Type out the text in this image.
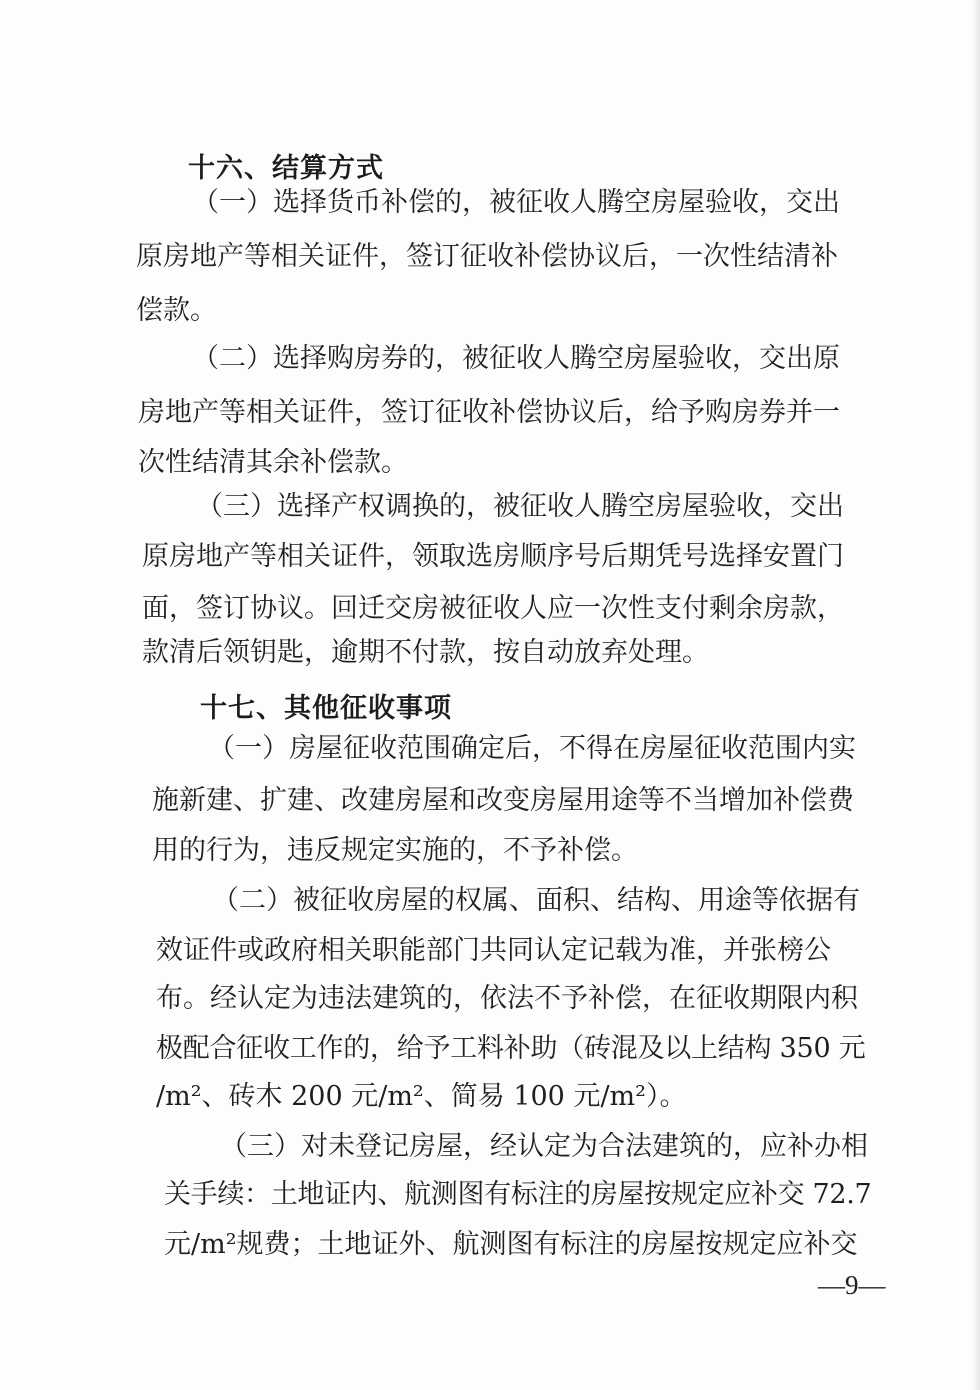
十六、结算方式
（一）选择货币补偿的，被征收人腾空房屋验收，交出
原房地产等相关证件，签订征收补偿协议后，一次性结清补
偿款。
（二）选择购房券的，被征收人腾空房屋验收，交出原
房地产等相关证件，签订征收补偿协议后，给予购房券并一
次性结清其余补偿款。
（三）选择产权调换的，被征收人腾空房屋验收，交出
原房地产等相关证件，领取选房顺序号后期凭号选择安置门
面，签订协议。回迁交房被征收人应一次性支付剩余房款，
款清后领钥匙，逾期不付款，按自动放弃处理。
十七、其他征收事项
（一）房屋征收范围确定后，不得在房屋征收范围内实
施新建、扩建、改建房屋和改变房屋用途等不当增加补偿费
用的行为，违反规定实施的，不予补偿。
（二）被征收房屋的权属、面积、结构、用途等依据有
效证件或政府相关职能部门共同认定记载为准，并张榜公
布。经认定为违法建筑的，依法不予补偿，在征收期限内积
极配合征收工作的，给予工料补助（砖混及以上结构 350 元
/m²、砖木 200 元/m²、简易 100 元/m²）。
（三）对未登记房屋，经认定为合法建筑的，应补办相
关手续：土地证内、航测图有标注的房屋按规定应补交 72.7
元/m²规费；土地证外、航测图有标注的房屋按规定应补交
—9—
